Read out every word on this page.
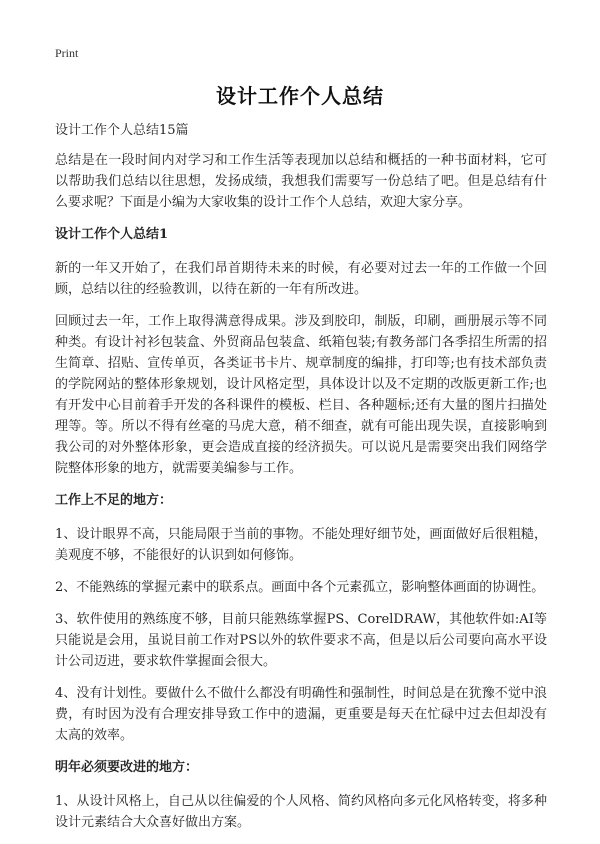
Print
设计工作个人总结

设计工作个人总结15篇

总结是在一段时间内对学习和工作生活等表现加以总结和概括的一种书面材料，它可以帮助我们总结以往思想，发扬成绩，我想我们需要写一份总结了吧。但是总结有什么要求呢？下面是小编为大家收集的设计工作个人总结，欢迎大家分享。

设计工作个人总结1

新的一年又开始了，在我们昂首期待未来的时候，有必要对过去一年的工作做一个回顾，总结以往的经验教训，以待在新的一年有所改进。

回顾过去一年，工作上取得满意得成果。涉及到胶印，制版，印刷，画册展示等不同种类。有设计衬衫包装盒、外贸商品包装盒、纸箱包装;有教务部门各季招生所需的招生简章、招贴、宣传单页，各类证书卡片、规章制度的编排，打印等;也有技术部负责的学院网站的整体形象规划，设计风格定型，具体设计以及不定期的改版更新工作;也有开发中心目前着手开发的各科课件的模板、栏目、各种题标;还有大量的图片扫描处理等。等。所以不得有丝毫的马虎大意，稍不细查，就有可能出现失误，直接影响到我公司的对外整体形象，更会造成直接的经济损失。可以说凡是需要突出我们网络学院整体形象的地方，就需要美编参与工作。

工作上不足的地方：

1、设计眼界不高，只能局限于当前的事物。不能处理好细节处，画面做好后很粗糙，美观度不够，不能很好的认识到如何修饰。

2、不能熟练的掌握元素中的联系点。画面中各个元素孤立，影响整体画面的协调性。

3、软件使用的熟练度不够，目前只能熟练掌握PS、CorelDRAW，其他软件如:AI等只能说是会用，虽说目前工作对PS以外的软件要求不高，但是以后公司要向高水平设计公司迈进，要求软件掌握面会很大。

4、没有计划性。要做什么不做什么都没有明确性和强制性，时间总是在犹豫不觉中浪费，有时因为没有合理安排导致工作中的遗漏，更重要是每天在忙碌中过去但却没有太高的效率。

明年必须要改进的地方：

1、从设计风格上，自己从以往偏爱的个人风格、简约风格向多元化风格转变，将多种设计元素结合大众喜好做出方案。
